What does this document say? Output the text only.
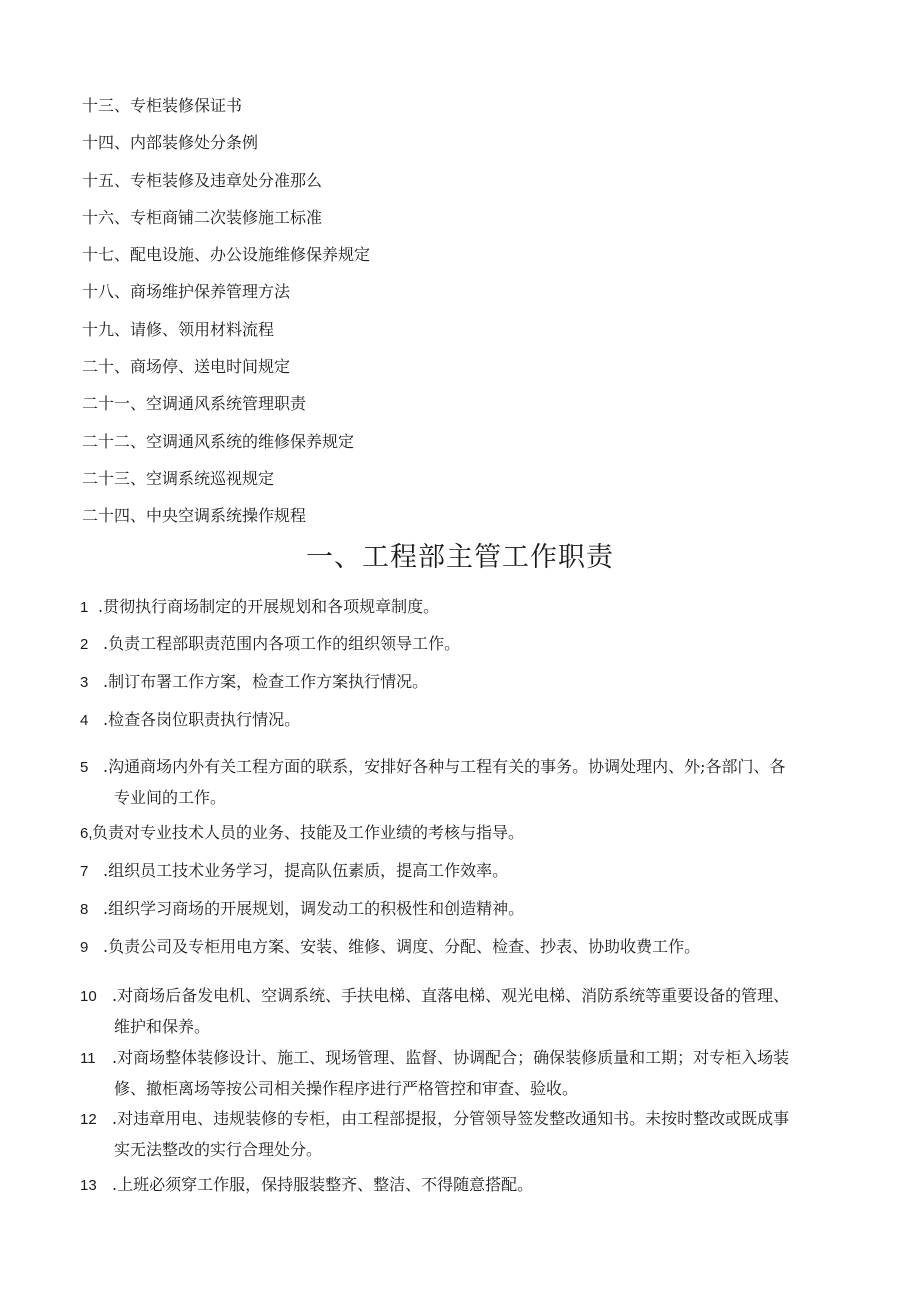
十三、专柜装修保证书
十四、内部装修处分条例
十五、专柜装修及违章处分准那么
十六、专柜商铺二次装修施工标准
十七、配电设施、办公设施维修保养规定
十八、商场维护保养管理方法
十九、请修、领用材料流程
二十、商场停、送电时间规定
二十一、空调通风系统管理职责
二十二、空调通风系统的维修保养规定
二十三、空调系统巡视规定
二十四、中央空调系统操作规程
一、工程部主管工作职责
1 .贯彻执行商场制定的开展规划和各项规章制度。
2 .负责工程部职责范围内各项工作的组织领导工作。
3 .制订布署工作方案，检查工作方案执行情况。
4 .检查各岗位职责执行情况。
5 .沟通商场内外有关工程方面的联系，安排好各种与工程有关的事务。协调处理内、外;各部门、各
专业间的工作。
6,负责对专业技术人员的业务、技能及工作业绩的考核与指导。
7 .组织员工技术业务学习，提高队伍素质，提高工作效率。
8 .组织学习商场的开展规划，调发动工的积极性和创造精神。
9 .负责公司及专柜用电方案、安装、维修、调度、分配、检查、抄表、协助收费工作。
10 .对商场后备发电机、空调系统、手扶电梯、直落电梯、观光电梯、消防系统等重要设备的管理、
维护和保养。
11 .对商场整体装修设计、施工、现场管理、监督、协调配合；确保装修质量和工期；对专柜入场装
修、撤柜离场等按公司相关操作程序进行严格管控和审查、验收。
12 .对违章用电、违规装修的专柜，由工程部提报，分管领导签发整改通知书。未按时整改或既成事
实无法整改的实行合理处分。
13 .上班必须穿工作服，保持服装整齐、整洁、不得随意搭配。
